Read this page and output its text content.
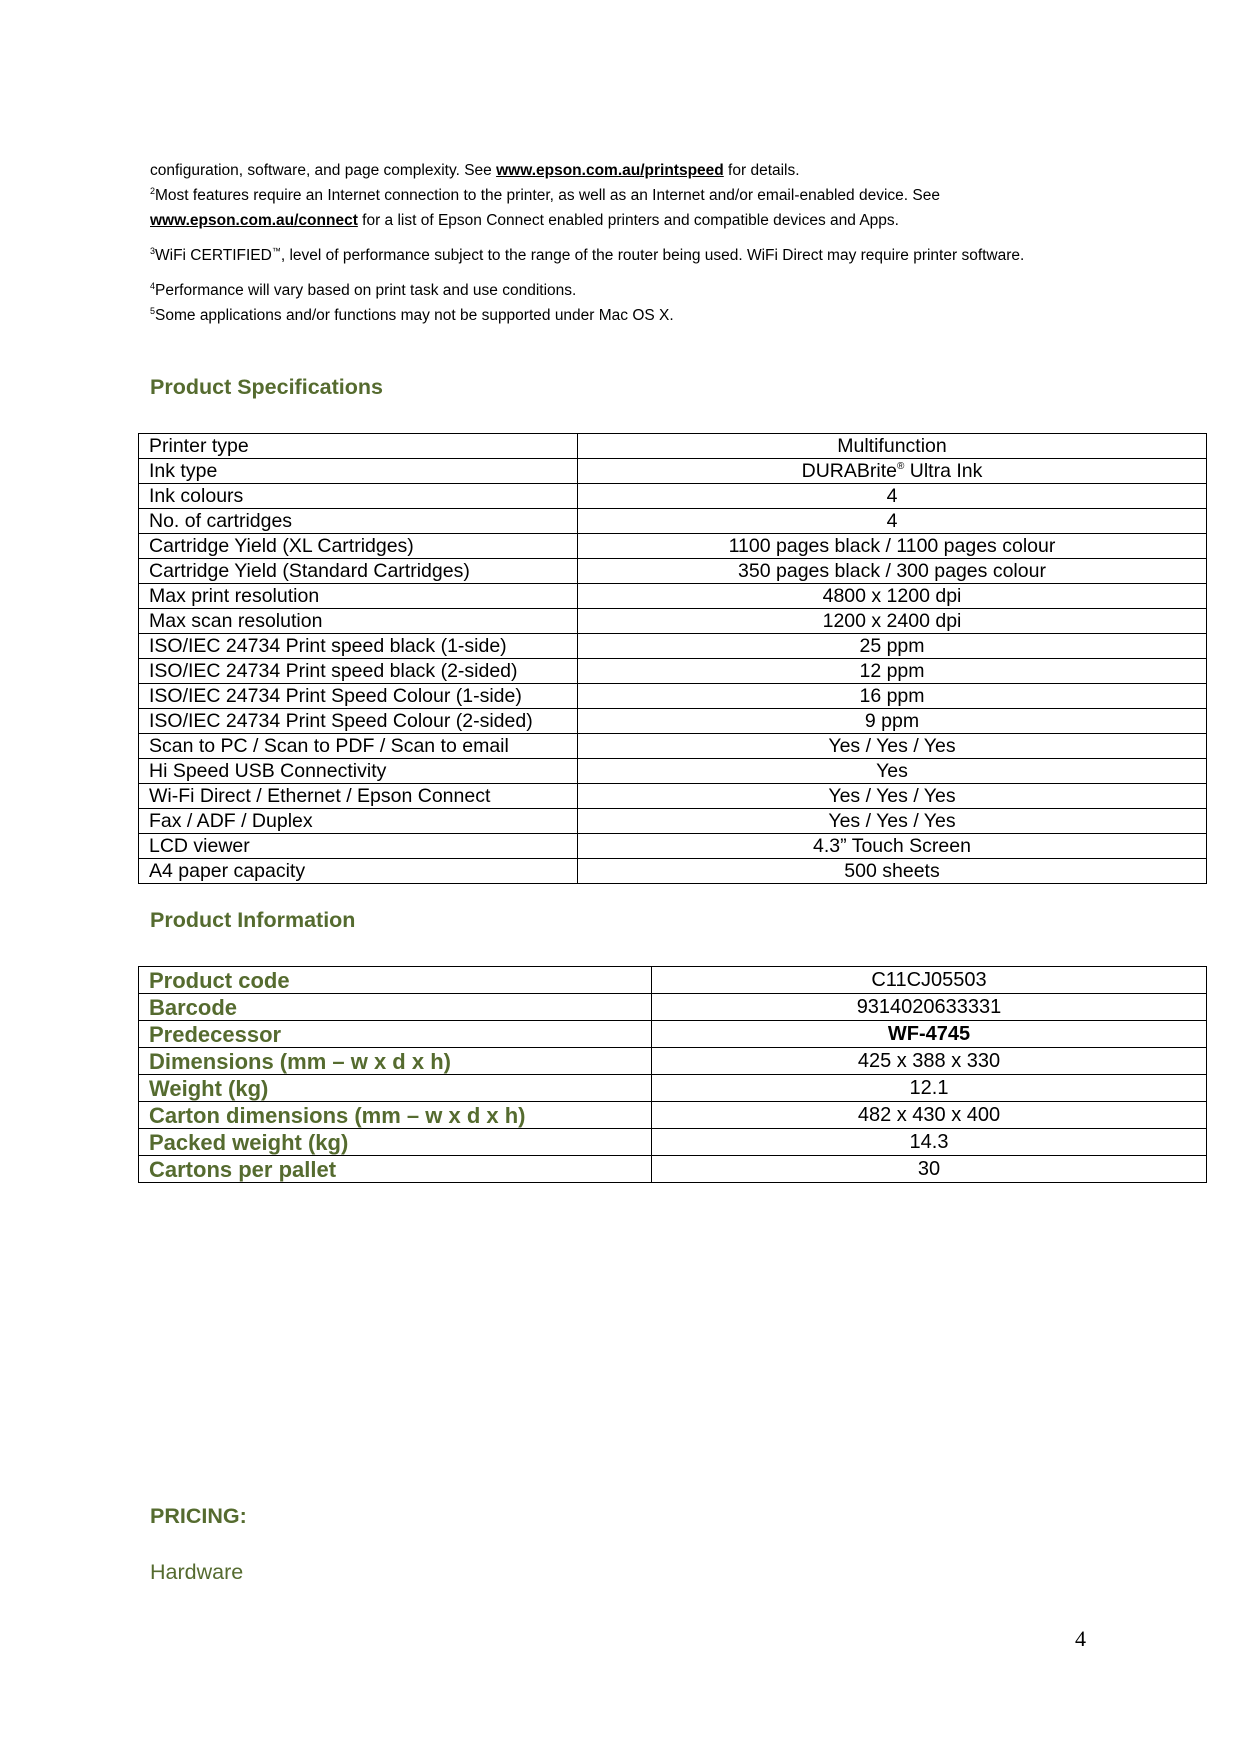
configuration, software, and page complexity. See www.epson.com.au/printspeed for details.

$^2$Most features require an Internet connection to the printer, as well as an Internet and/or email-enabled device. See

www.epson.com.au/connect for a list of Epson Connect enabled printers and compatible devices and Apps.

$^3$WiFi CERTIFIED™, level of performance subject to the range of the router being used. WiFi Direct may require printer software.

$^4$Performance will vary based on print task and use conditions.

$^5$Some applications and/or functions may not be supported under Mac OS X.

Product Specifications
Printer type	Multifunction
Ink type	DURABrite® Ultra Ink
Ink colours	4
No. of cartridges	4
Cartridge Yield (XL Cartridges)	1100 pages black / 1100 pages colour
Cartridge Yield (Standard Cartridges)	350 pages black / 300 pages colour
Max print resolution	4800 x 1200 dpi
Max scan resolution	1200 x 2400 dpi
ISO/IEC 24734 Print speed black (1-side)	25 ppm
ISO/IEC 24734 Print speed black (2-sided)	12 ppm
ISO/IEC 24734 Print Speed Colour (1-side)	16 ppm
ISO/IEC 24734 Print Speed Colour (2-sided)	9 ppm
Scan to PC / Scan to PDF / Scan to email	Yes / Yes / Yes
Hi Speed USB Connectivity	Yes
Wi-Fi Direct / Ethernet / Epson Connect	Yes / Yes / Yes
Fax / ADF / Duplex	Yes / Yes / Yes
LCD viewer	4.3” Touch Screen
A4 paper capacity	500 sheets
Product Information
Product code	C11CJ05503
Barcode	9314020633331
Predecessor	WF-4745
Dimensions (mm – w x d x h)	425 x 388 x 330
Weight (kg)	12.1
Carton dimensions (mm – w x d x h)	482 x 430 x 400
Packed weight (kg)	14.3
Cartons per pallet	30
PRICING:
Hardware
4
